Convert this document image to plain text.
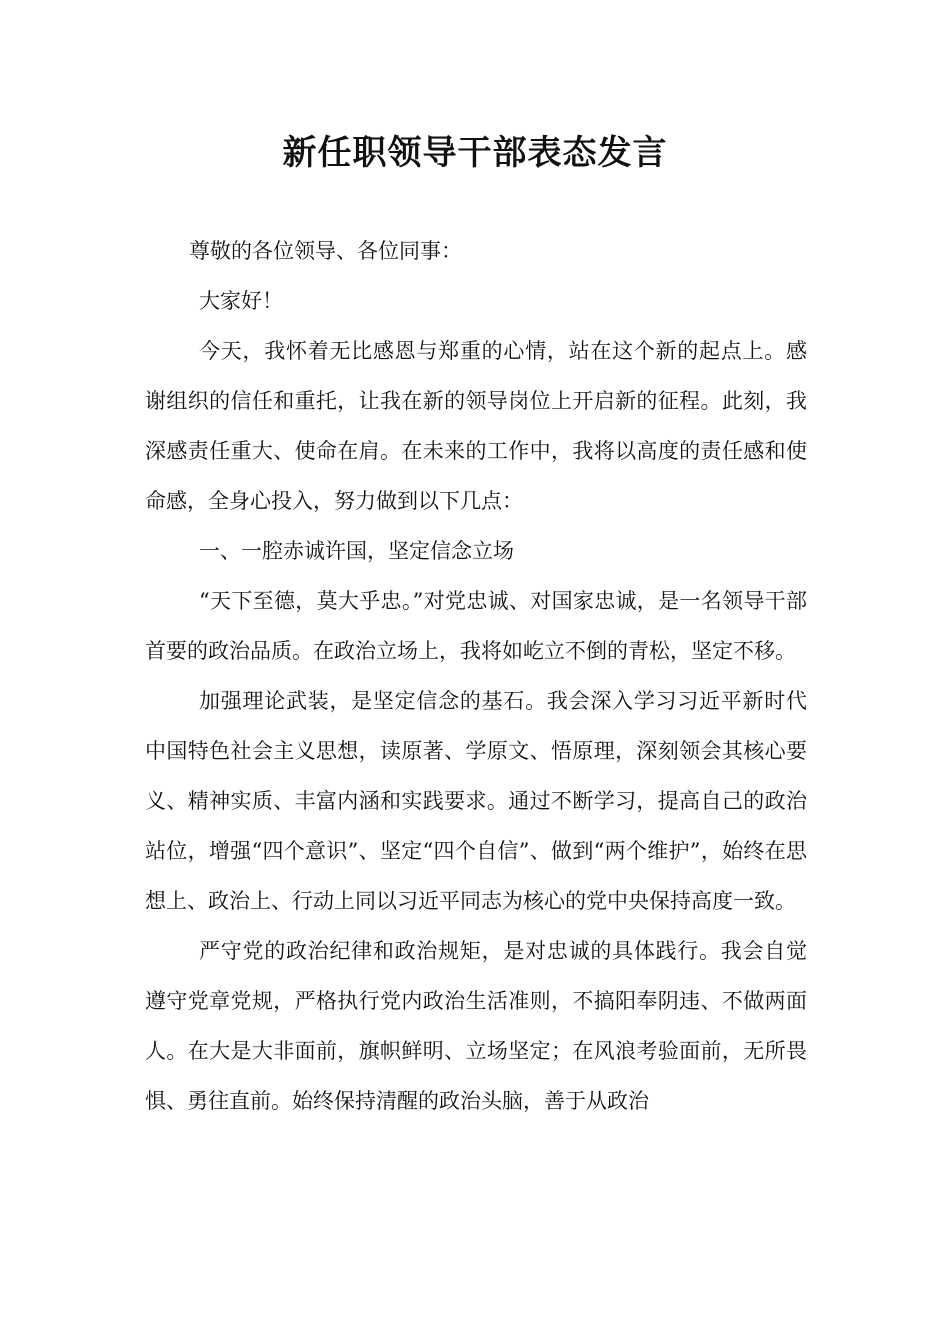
新任职领导干部表态发言

尊敬的各位领导、各位同事：

大家好！

今天，我怀着无比感恩与郑重的心情，站在这个新的起点上。感谢组织的信任和重托，让我在新的领导岗位上开启新的征程。此刻，我深感责任重大、使命在肩。在未来的工作中，我将以高度的责任感和使命感，全身心投入，努力做到以下几点：

一、一腔赤诚许国，坚定信念立场

“天下至德，莫大乎忠。”对党忠诚、对国家忠诚，是一名领导干部首要的政治品质。在政治立场上，我将如屹立不倒的青松，坚定不移。

加强理论武装，是坚定信念的基石。我会深入学习习近平新时代中国特色社会主义思想，读原著、学原文、悟原理，深刻领会其核心要义、精神实质、丰富内涵和实践要求。通过不断学习，提高自己的政治站位，增强“四个意识”、坚定“四个自信”、做到“两个维护”，始终在思想上、政治上、行动上同以习近平同志为核心的党中央保持高度一致。

严守党的政治纪律和政治规矩，是对忠诚的具体践行。我会自觉遵守党章党规，严格执行党内政治生活准则，不搞阳奉阴违、不做两面人。在大是大非面前，旗帜鲜明、立场坚定；在风浪考验面前，无所畏惧、勇往直前。始终保持清醒的政治头脑，善于从政治
